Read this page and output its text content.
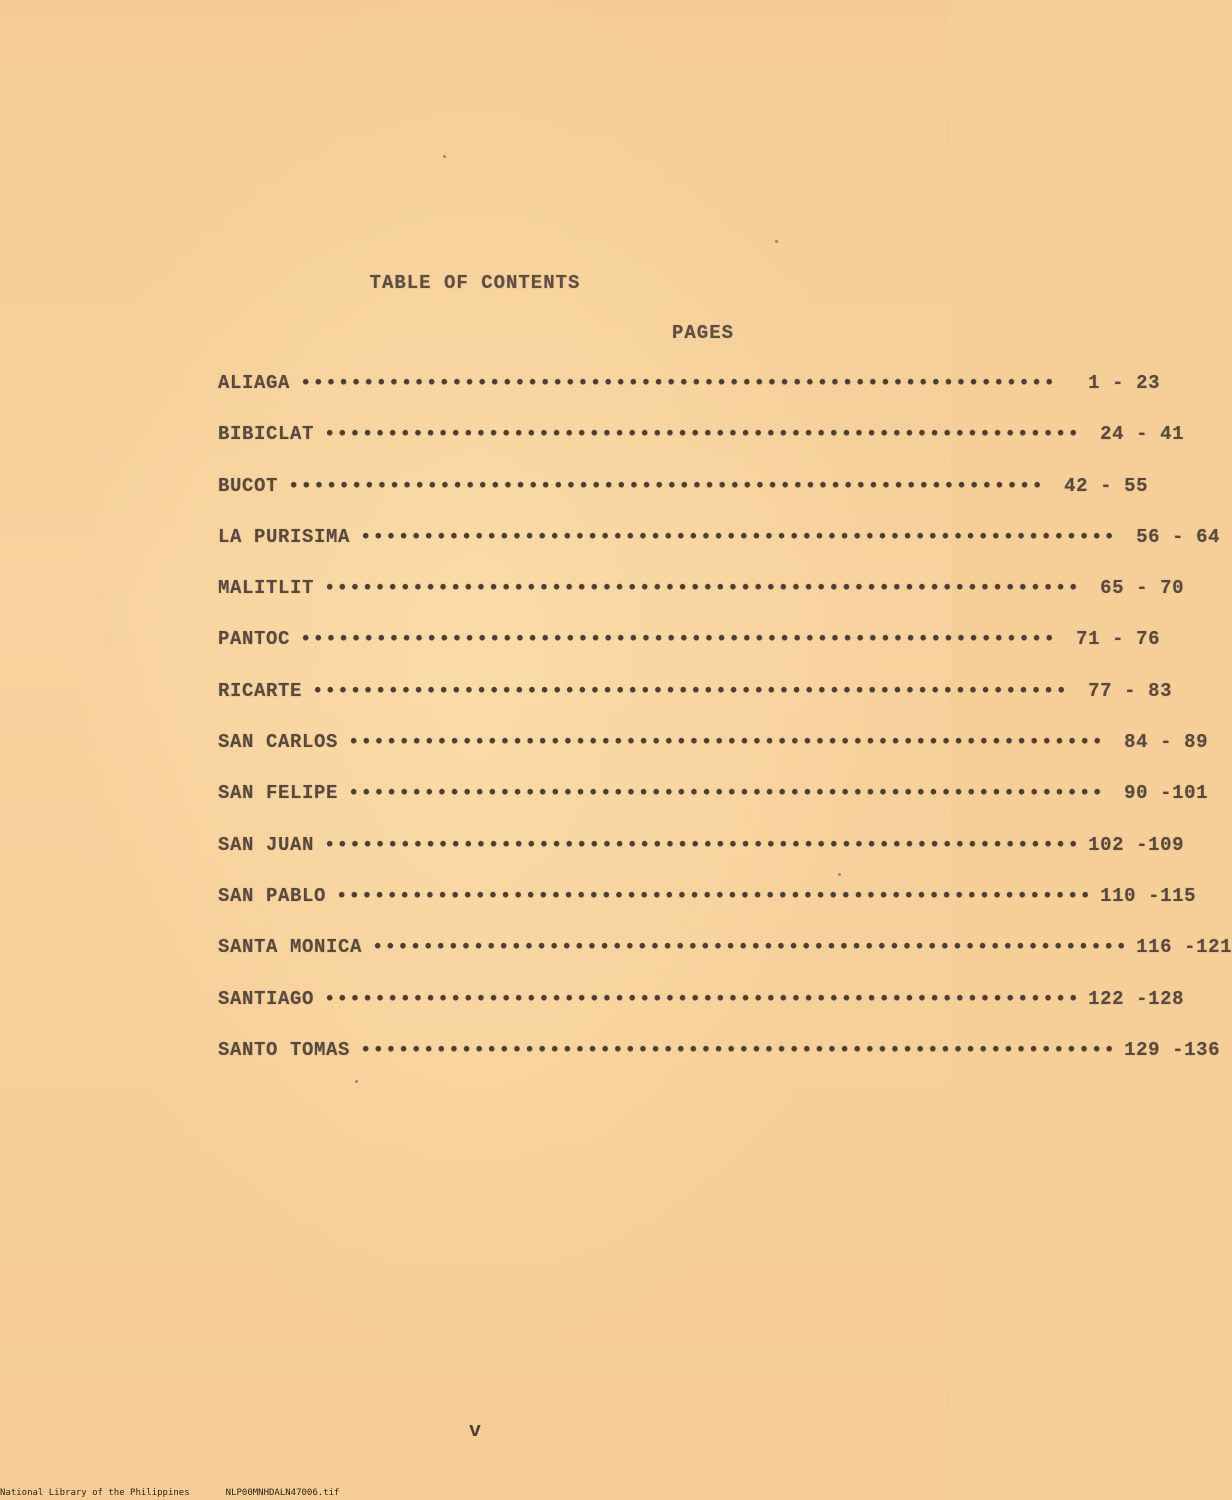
TABLE OF CONTENTS
PAGES
ALIAGA ••••••••••••••••••••••••••••••••••••••••••••••••••••••••••••	1 - 23
BIBICLAT ••••••••••••••••••••••••••••••••••••••••••••••••••••••••••••	24 - 41
BUCOT ••••••••••••••••••••••••••••••••••••••••••••••••••••••••••••	42 - 55
LA PURISIMA ••••••••••••••••••••••••••••••••••••••••••••••••••••••••••••	56 - 64
MALITLIT ••••••••••••••••••••••••••••••••••••••••••••••••••••••••••••	65 - 70
PANTOC ••••••••••••••••••••••••••••••••••••••••••••••••••••••••••••	71 - 76
RICARTE ••••••••••••••••••••••••••••••••••••••••••••••••••••••••••••	77 - 83
SAN CARLOS ••••••••••••••••••••••••••••••••••••••••••••••••••••••••••••	84 - 89
SAN FELIPE ••••••••••••••••••••••••••••••••••••••••••••••••••••••••••••	90 -101
SAN JUAN •••••••••••••••••••••••••••••••••••••••••••••••••••••••••••• 102 -109
SAN PABLO •••••••••••••••••••••••••••••••••••••••••••••••••••••••••••• 110 -115
SANTA MONICA •••••••••••••••••••••••••••••••••••••••••••••••••••••••••••• 116 -121
SANTIAGO •••••••••••••••••••••••••••••••••••••••••••••••••••••••••••• 122 -128
SANTO TOMAS •••••••••••••••••••••••••••••••••••••••••••••••••••••••••••• 129 -136
v
National Library of the Philippines	NLP00MNHDALN47006.tif
